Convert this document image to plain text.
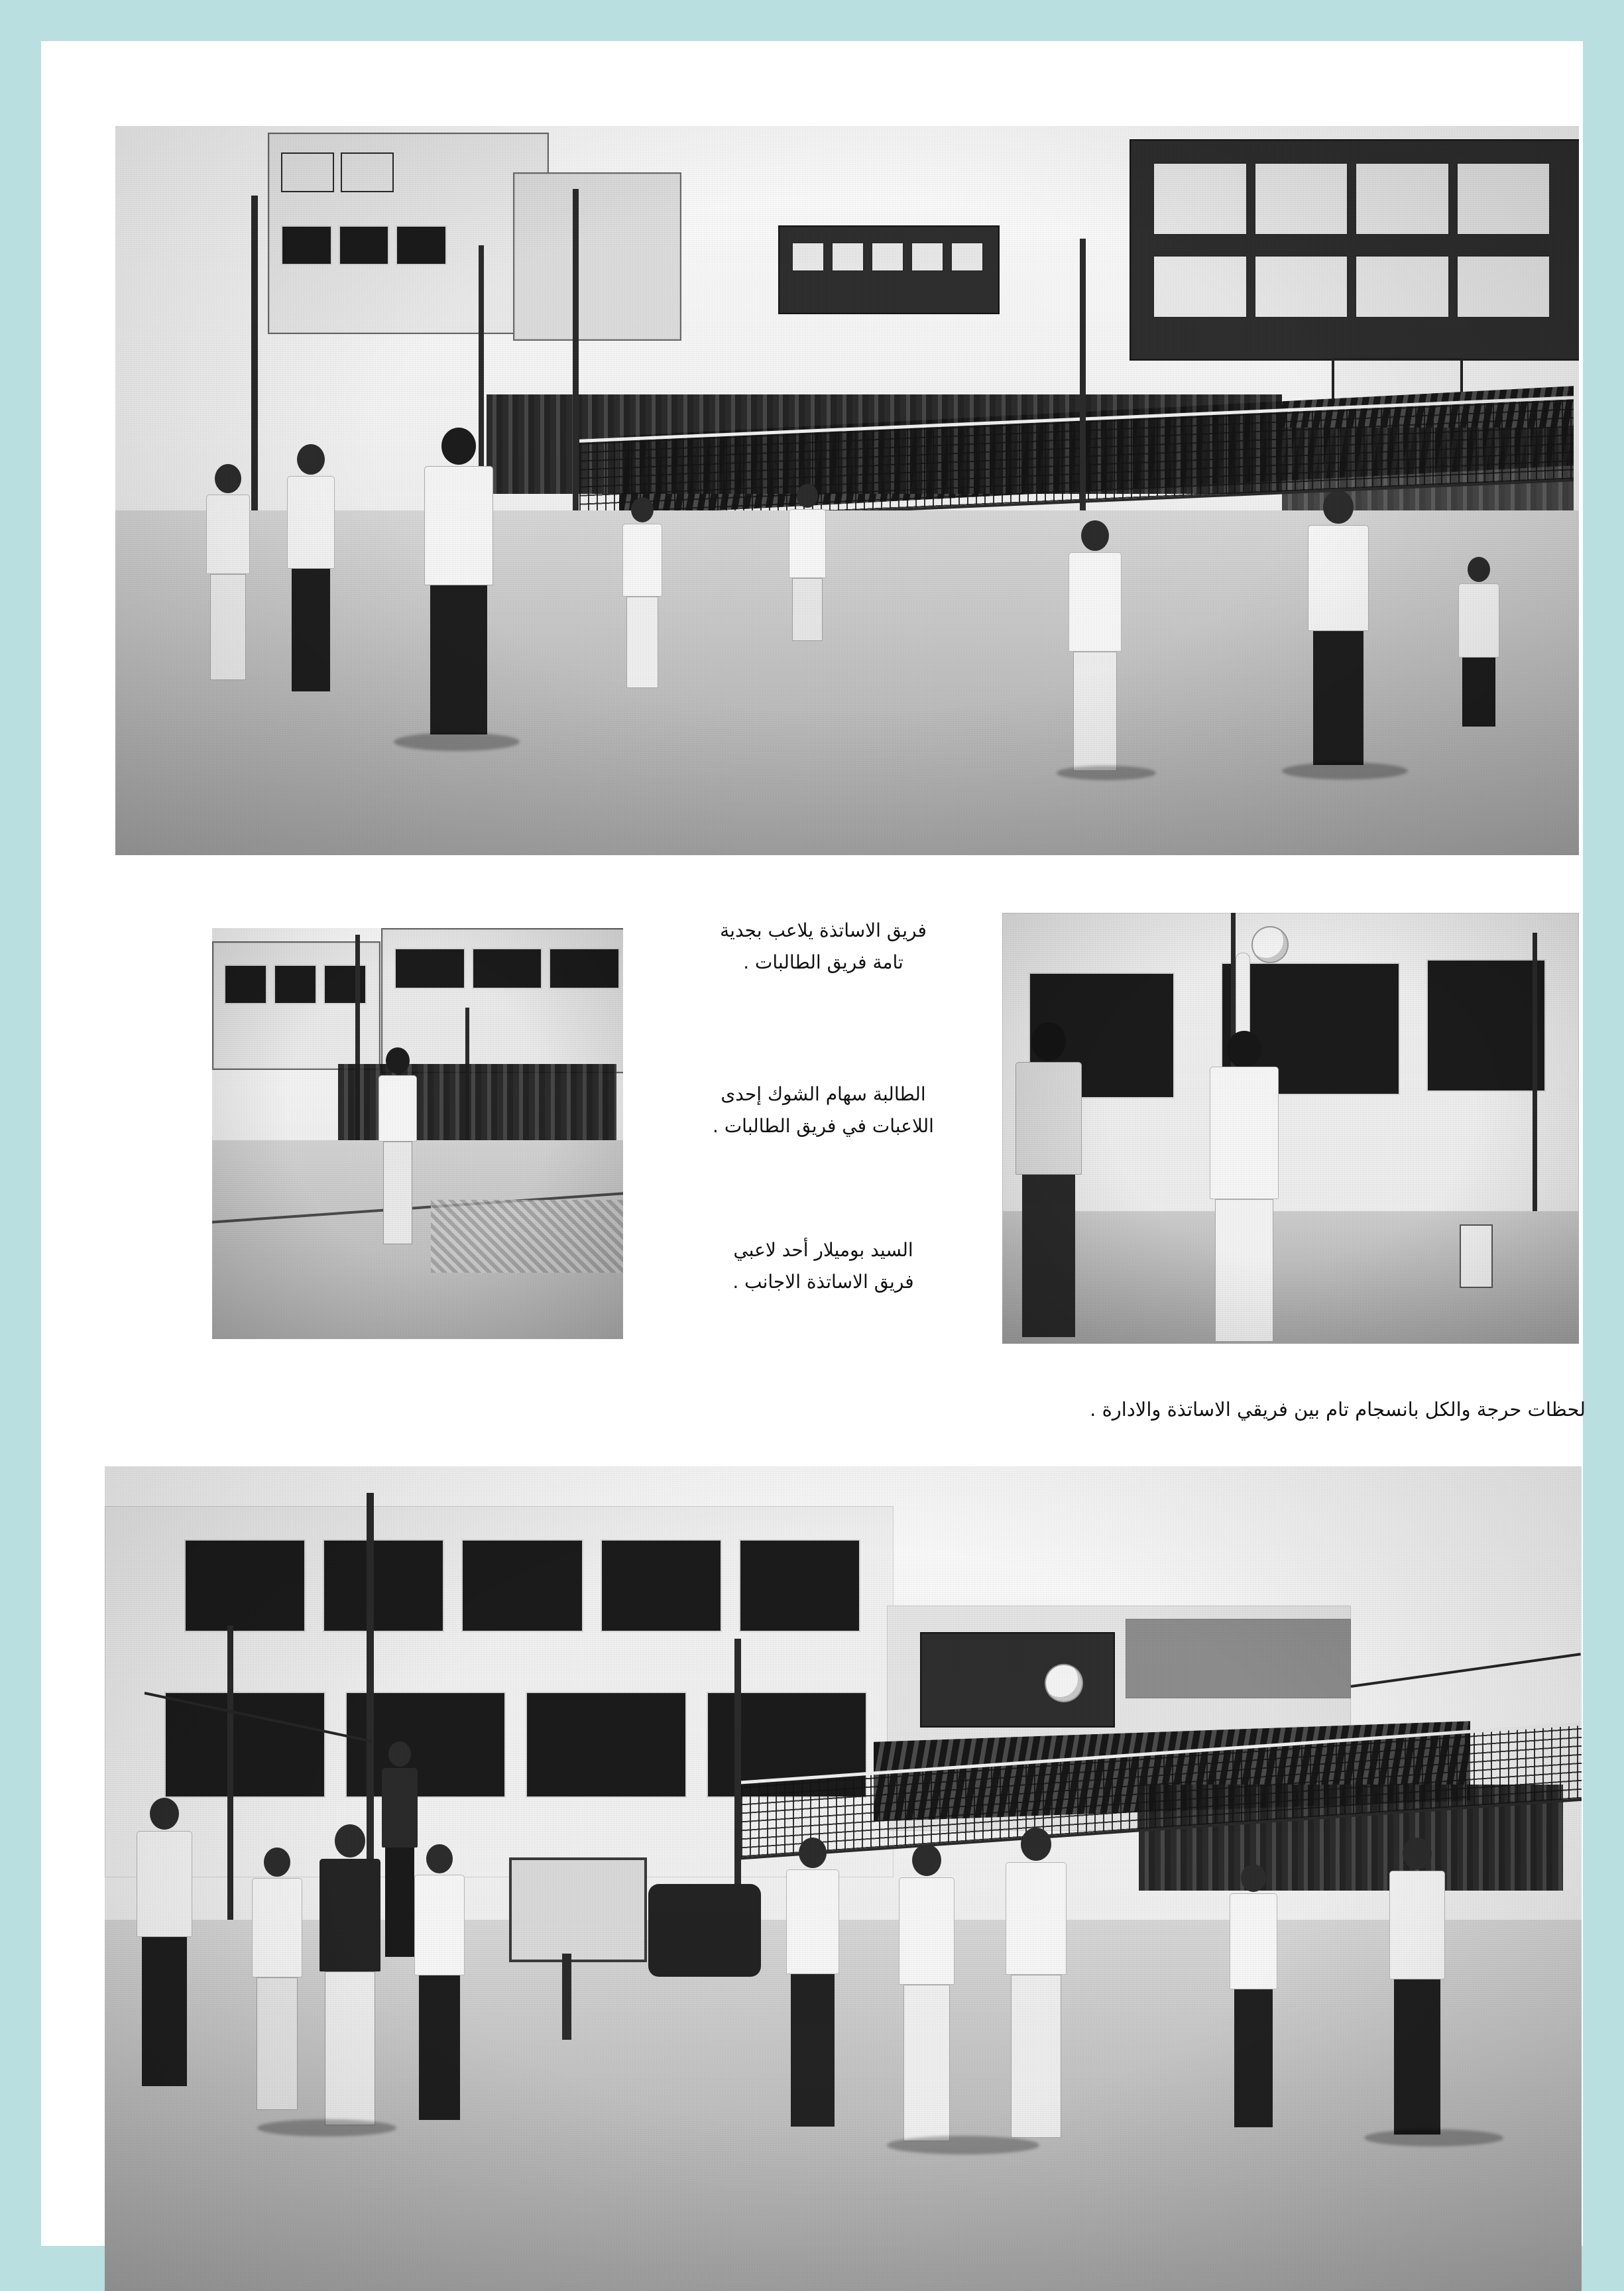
فريق الاساتذة يلاعب بجدية
تامة فريق الطالبات .
الطالبة سهام الشوك إحدى
اللاعبات في فريق الطالبات .
السيد بوميلار أحد لاعبي
فريق الاساتذة الاجانب .
لحظات حرجة والكل بانسجام تام بين فريقي الاساتذة والادارة .
